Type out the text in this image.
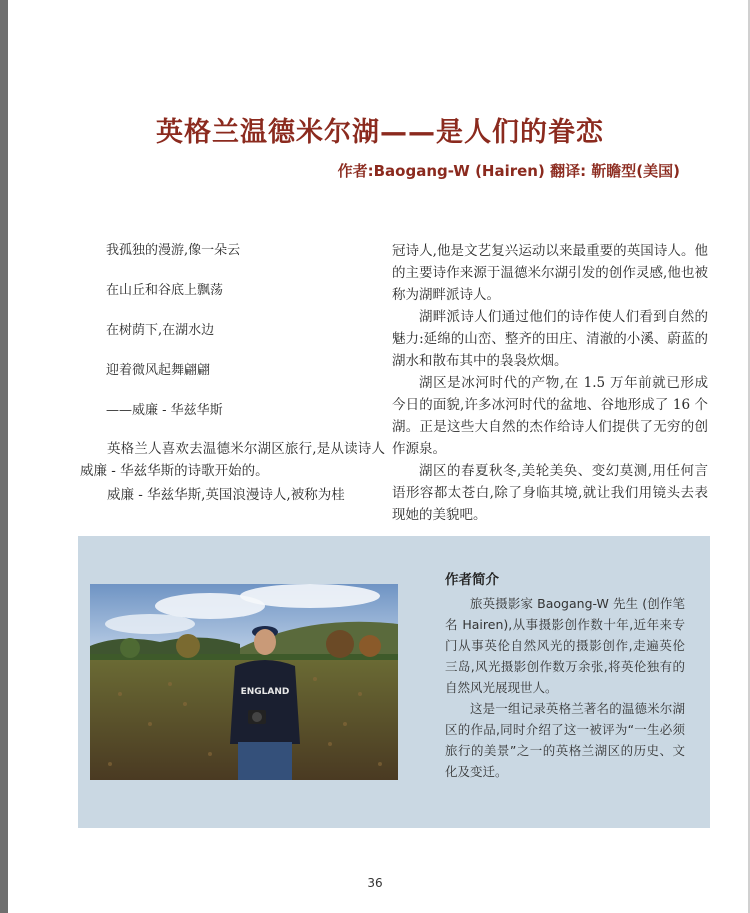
英格兰温德米尔湖——是人们的眷恋
作者:Baogang-W (Hairen) 翻译: 靳瞻型(美国)

我孤独的漫游,像一朵云

在山丘和谷底上飘荡

在树荫下,在湖水边

迎着微风起舞翩翩

——威廉 - 华兹华斯

英格兰人喜欢去温德米尔湖区旅行,是从读诗人威廉 - 华兹华斯的诗歌开始的。

威廉 - 华兹华斯,英国浪漫诗人,被称为桂

冠诗人,他是文艺复兴运动以来最重要的英国诗人。他的主要诗作来源于温德米尔湖引发的创作灵感,他也被称为湖畔派诗人。

湖畔派诗人们通过他们的诗作使人们看到自然的魅力:延绵的山峦、整齐的田庄、清澈的小溪、蔚蓝的湖水和散布其中的袅袅炊烟。

湖区是冰河时代的产物,在 1.5 万年前就已形成今日的面貌,许多冰河时代的盆地、谷地形成了 16 个湖。正是这些大自然的杰作给诗人们提供了无穷的创作源泉。

湖区的春夏秋冬,美轮美奂、变幻莫测,用任何言语形容都太苍白,除了身临其境,就让我们用镜头去表现她的美貌吧。

ENGLAND

作者简介

旅英摄影家 Baogang-W 先生 (创作笔名 Hairen),从事摄影创作数十年,近年来专门从事英伦自然风光的摄影创作,走遍英伦三岛,风光摄影创作数万余张,将英伦独有的自然风光展现世人。

这是一组记录英格兰著名的温德米尔湖区的作品,同时介绍了这一被评为“一生必须旅行的美景”之一的英格兰湖区的历史、文化及变迁。

36
